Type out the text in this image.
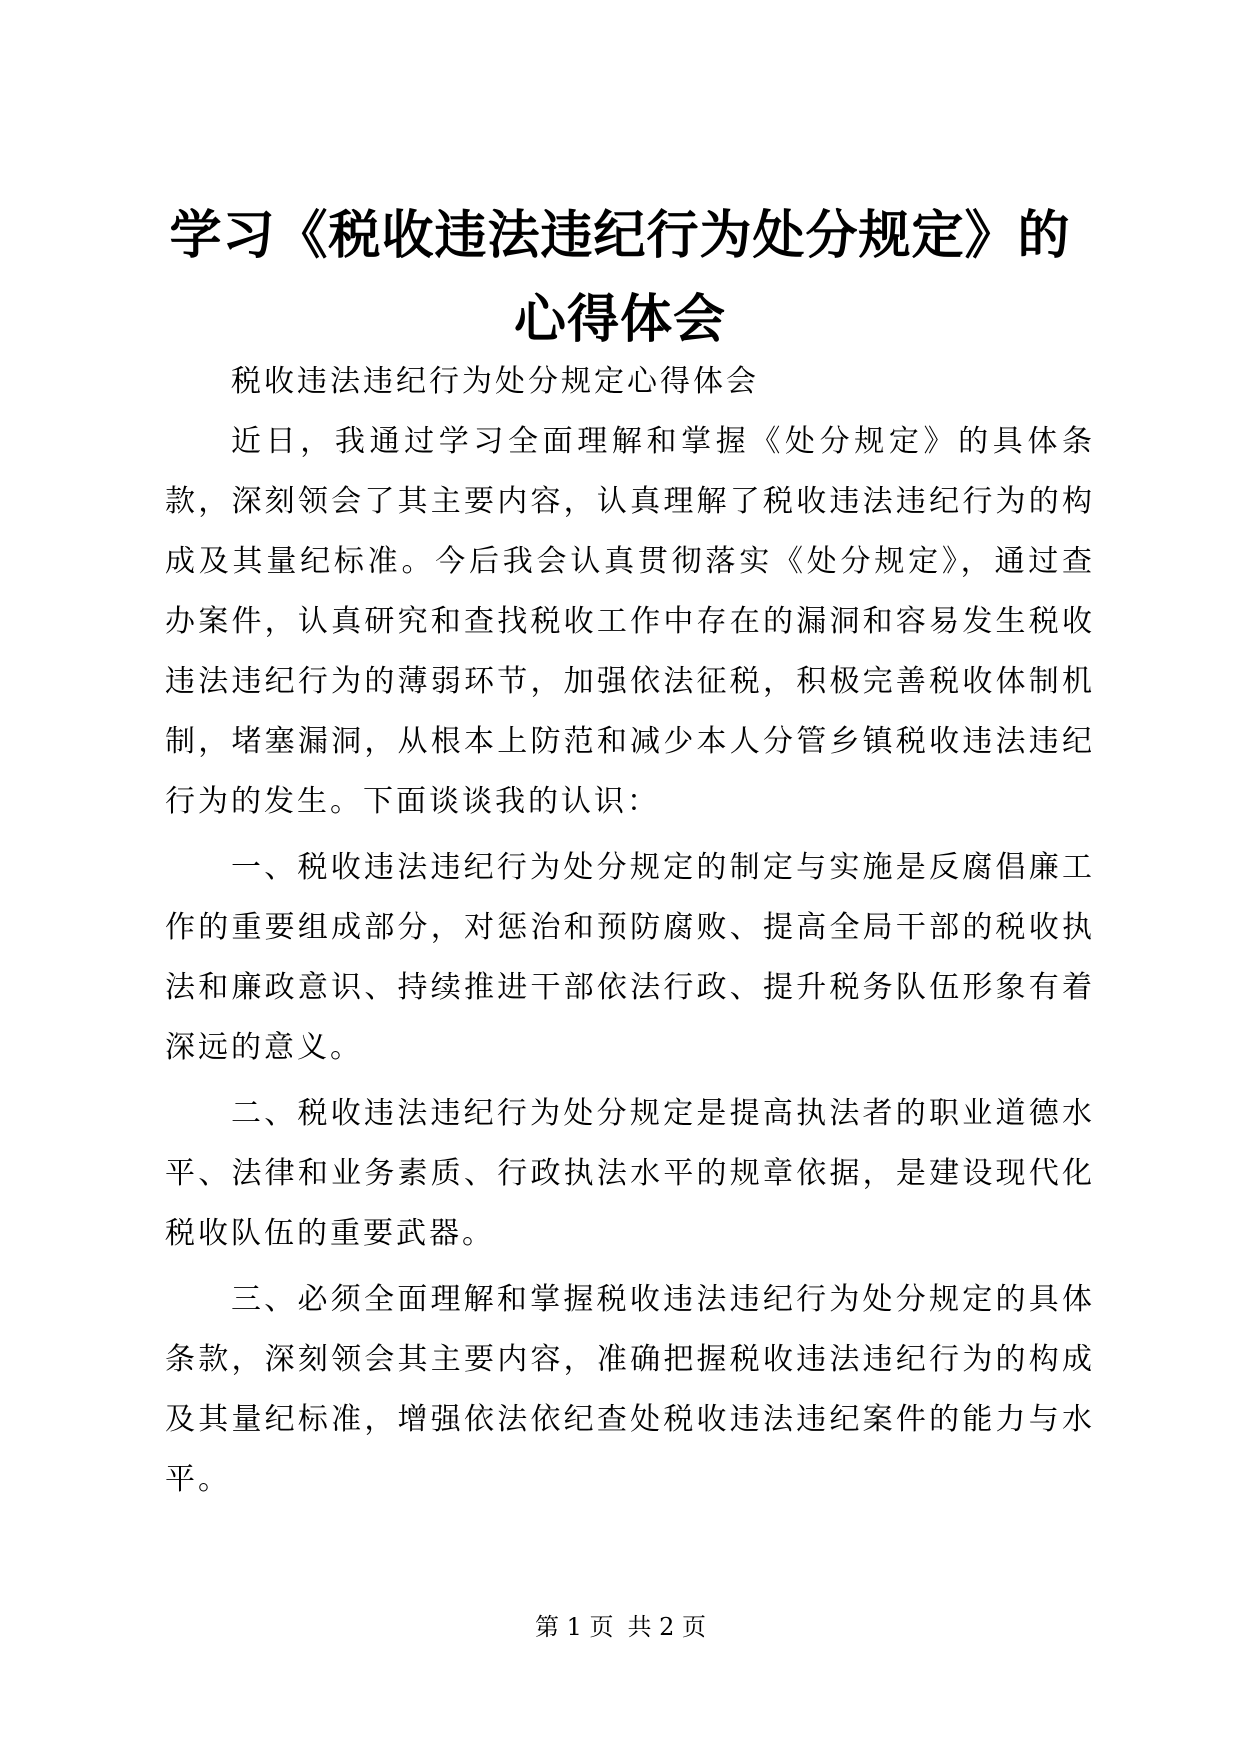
学习《税收违法违纪行为处分规定》的心得体会

税收违法违纪行为处分规定心得体会

近日，我通过学习全面理解和掌握《处分规定》的具体条款，深刻领会了其主要内容，认真理解了税收违法违纪行为的构成及其量纪标准。今后我会认真贯彻落实《处分规定》，通过查办案件，认真研究和查找税收工作中存在的漏洞和容易发生税收违法违纪行为的薄弱环节，加强依法征税，积极完善税收体制机制，堵塞漏洞，从根本上防范和减少本人分管乡镇税收违法违纪行为的发生。下面谈谈我的认识：

一、税收违法违纪行为处分规定的制定与实施是反腐倡廉工作的重要组成部分，对惩治和预防腐败、提高全局干部的税收执法和廉政意识、持续推进干部依法行政、提升税务队伍形象有着深远的意义。

二、税收违法违纪行为处分规定是提高执法者的职业道德水平、法律和业务素质、行政执法水平的规章依据，是建设现代化税收队伍的重要武器。

三、必须全面理解和掌握税收违法违纪行为处分规定的具体条款，深刻领会其主要内容，准确把握税收违法违纪行为的构成及其量纪标准，增强依法依纪查处税收违法违纪案件的能力与水平。

第 1 页 共 2 页
